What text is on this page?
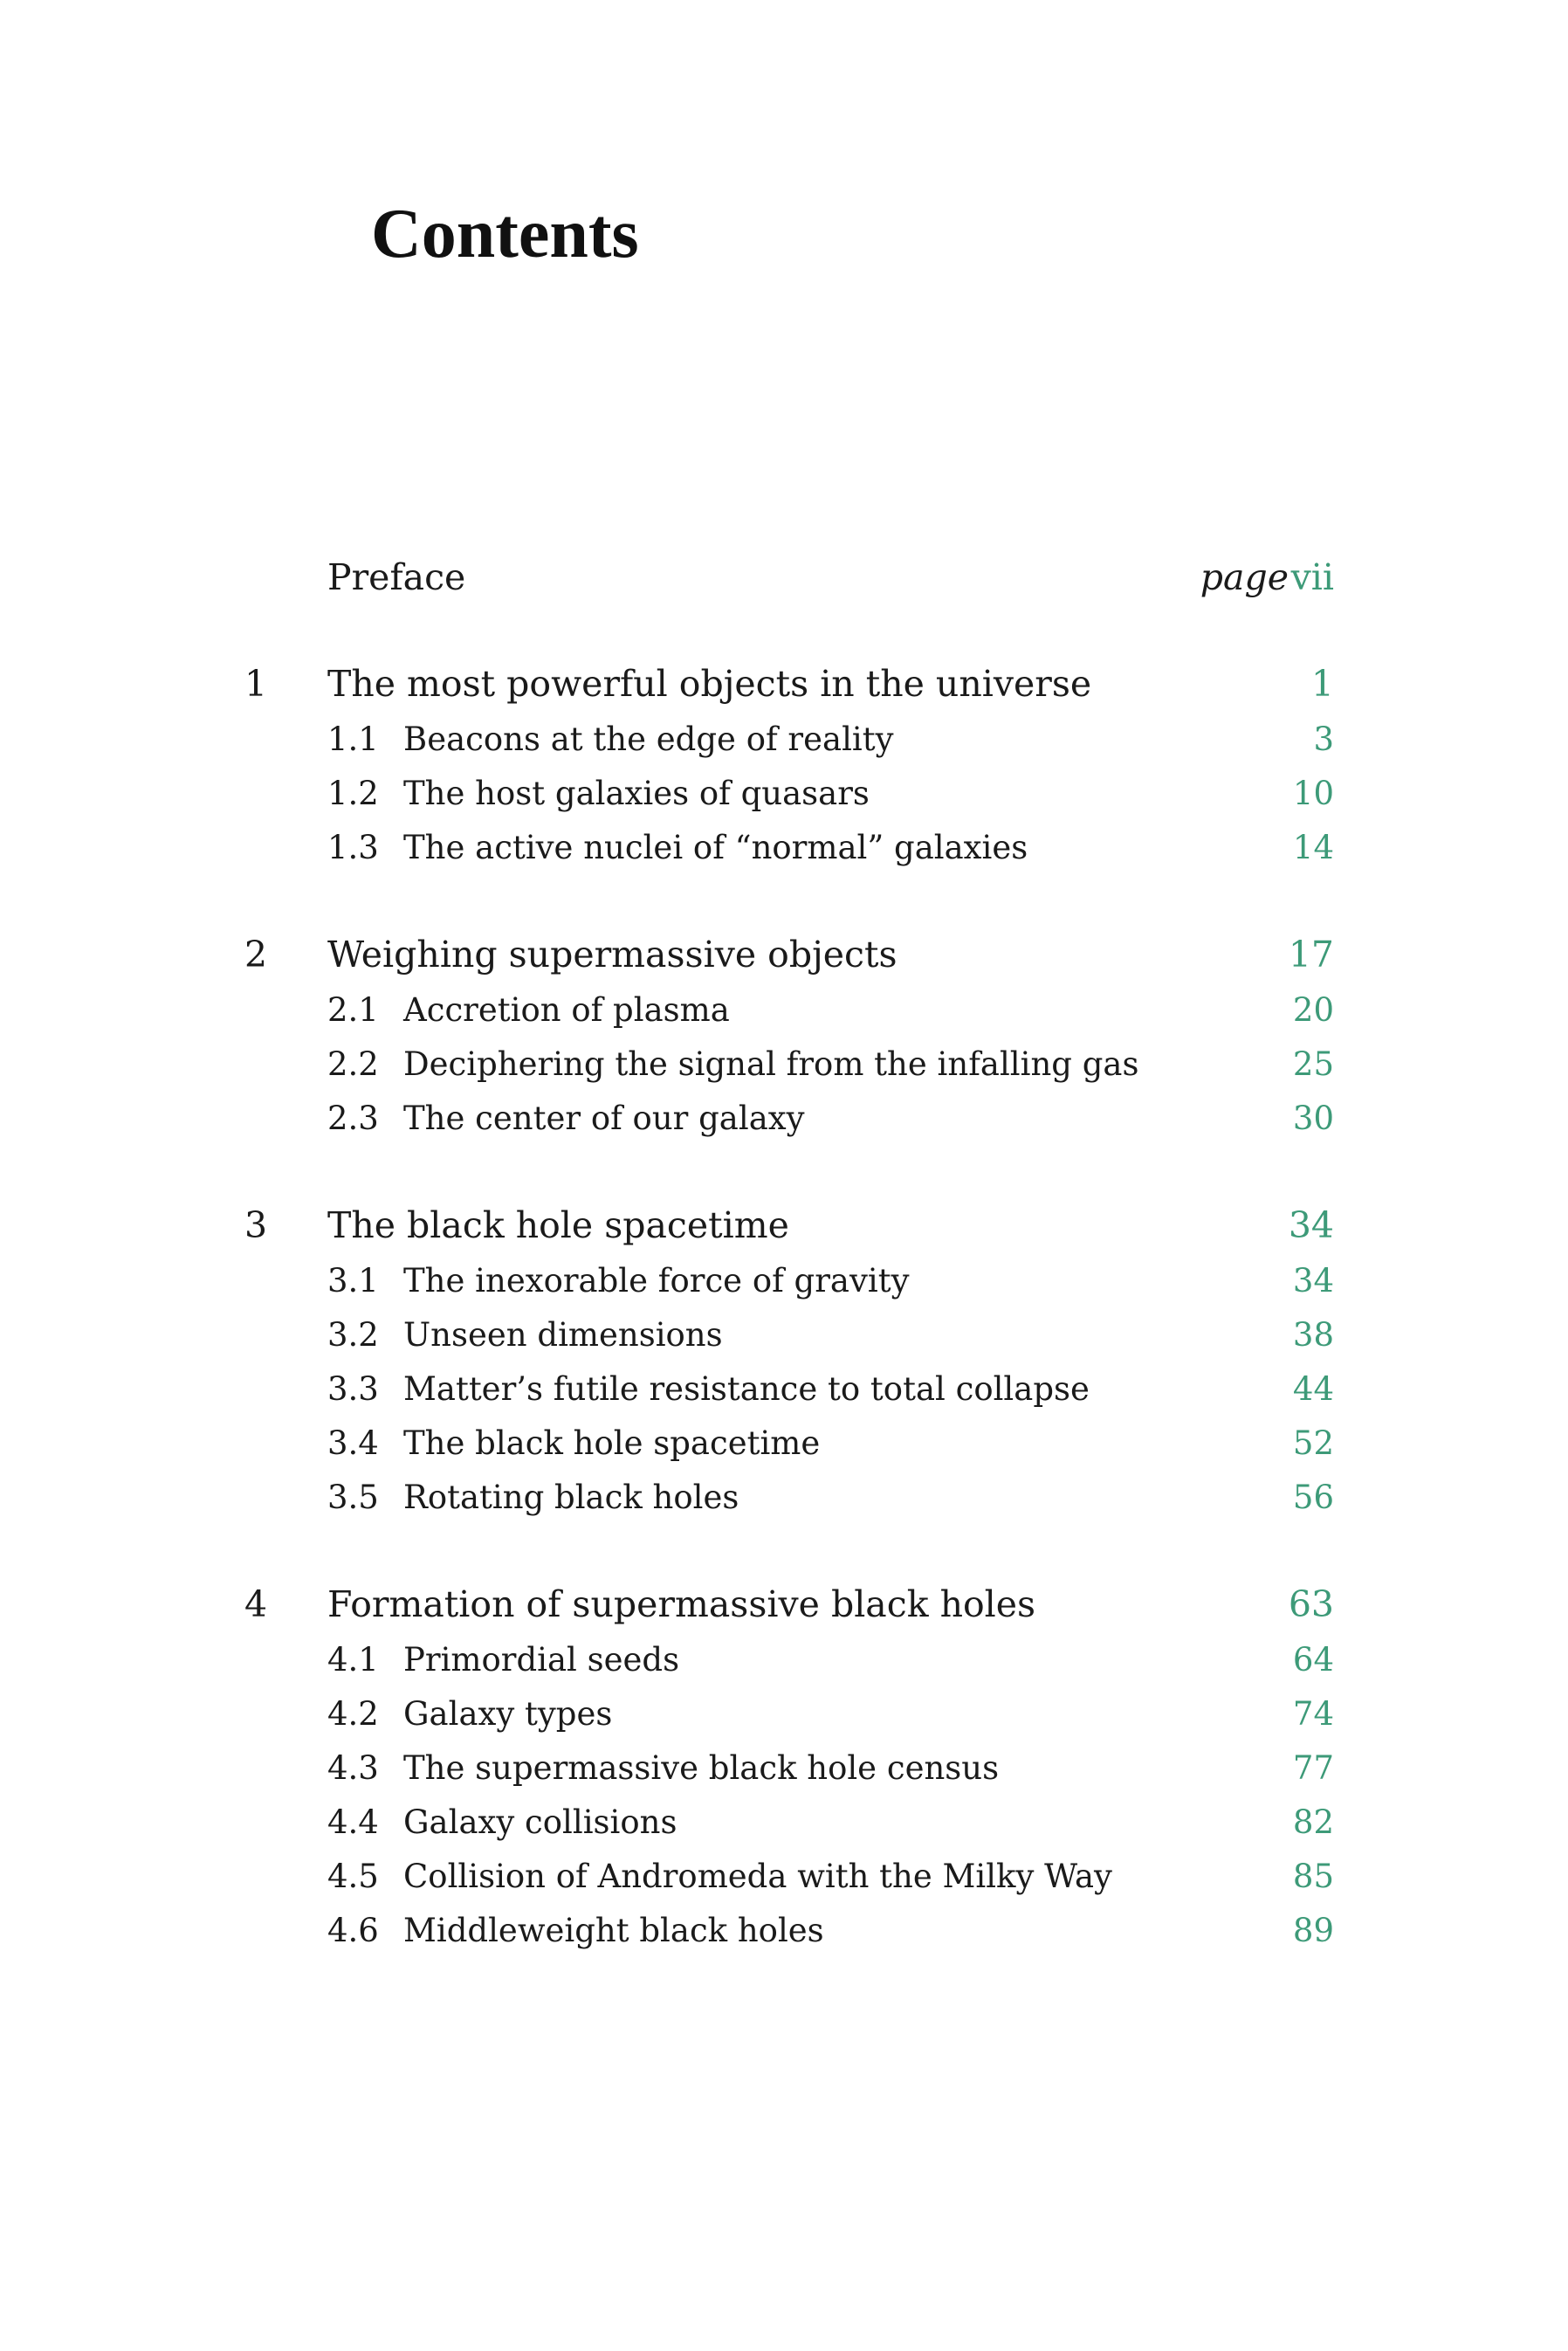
Contents
Preface	page vii
1 The most powerful objects in the universe	1
1.1 Beacons at the edge of reality	3
1.2 The host galaxies of quasars	10
1.3 The active nuclei of “normal” galaxies	14
2 Weighing supermassive objects	17
2.1 Accretion of plasma	20
2.2 Deciphering the signal from the infalling gas	25
2.3 The center of our galaxy	30
3 The black hole spacetime	34
3.1 The inexorable force of gravity	34
3.2 Unseen dimensions	38
3.3 Matter’s futile resistance to total collapse	44
3.4 The black hole spacetime	52
3.5 Rotating black holes	56
4 Formation of supermassive black holes	63
4.1 Primordial seeds	64
4.2 Galaxy types	74
4.3 The supermassive black hole census	77
4.4 Galaxy collisions	82
4.5 Collision of Andromeda with the Milky Way	85
4.6 Middleweight black holes	89
